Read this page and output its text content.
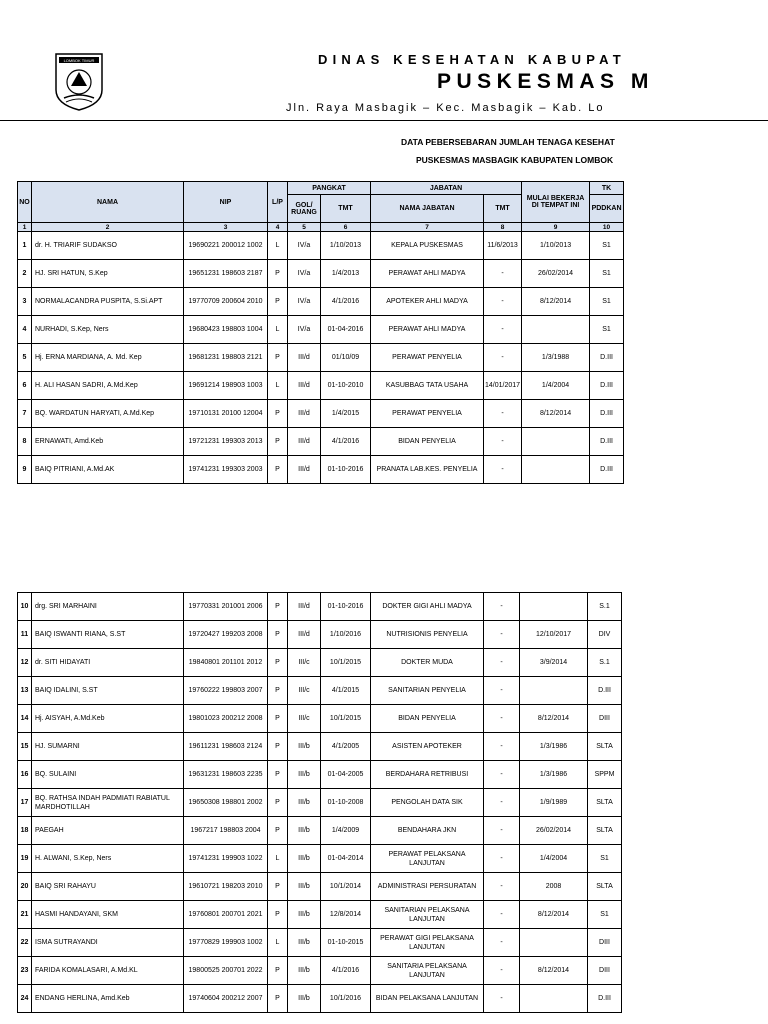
LOMBOK TIMUR	DINAS KESEHATAN KABUPAT
PUSKESMAS M
Jln. Raya Masbagik – Kec. Masbagik – Kab. Lo
DATA PEBERSEBARAN JUMLAH TENAGA KESEHAT
PUSKESMAS MASBAGIK KABUPATEN LOMBOK
NO	NAMA	NIP	L/P	PANGKAT		JABATAN		MULAI BEKERJA DI TEMPAT INI	TK
				GOL/ RUANG	TMT	NAMA JABATAN	TMT		PDDKAN
1	2	3	4	5	6	7	8	9	10
1	dr. H. TRIARIF SUDAKSO	19690221 200012 1002	L	IV/a	1/10/2013	KEPALA PUSKESMAS	11/6/2013	1/10/2013	S1
2	HJ. SRI HATUN, S.Kep	19651231 198603 2187	P	IV/a	1/4/2013	PERAWAT AHLI MADYA	-	26/02/2014	S1
3	NORMALACANDRA PUSPITA, S.Si.APT	19770709 200604 2010	P	IV/a	4/1/2016	APOTEKER AHLI MADYA	-	8/12/2014	S1
4	NURHADI, S.Kep, Ners	19680423 198803 1004	L	IV/a	01-04-2016	PERAWAT AHLI MADYA	-		S1
5	Hj. ERNA MARDIANA, A. Md. Kep	19681231 198803 2121	P	III/d	01/10/09	PERAWAT PENYELIA	-	1/3/1988	D.III
6	H. ALI HASAN SADRI, A.Md.Kep	19691214 198903 1003	L	III/d	01-10-2010	KASUBBAG TATA USAHA	14/01/2017	1/4/2004	D.III
7	BQ. WARDATUN HARYATI, A.Md.Kep	19710131 20100 12004	P	III/d	1/4/2015	PERAWAT PENYELIA	-	8/12/2014	D.III
8	ERNAWATI, Amd.Keb	19721231 199303 2013	P	III/d	4/1/2016	BIDAN PENYELIA	-		D.III
9	BAIQ PITRIANI, A.Md.AK	19741231 199303 2003	P	III/d	01-10-2016	PRANATA LAB.KES. PENYELIA	-		D.III
10	drg. SRI MARHAINI	19770331 201001 2006	P	III/d	01-10-2016	DOKTER GIGI AHLI MADYA	-		S.1
11	BAIQ ISWANTI RIANA, S.ST	19720427 199203 2008	P	III/d	1/10/2016	NUTRISIONIS PENYELIA	-	12/10/2017	DIV
12	dr. SITI HIDAYATI	19840801 201101 2012	P	III/c	10/1/2015	DOKTER MUDA	-	3/9/2014	S.1
13	BAIQ IDALINI, S.ST	19760222 199803 2007	P	III/c	4/1/2015	SANITARIAN PENYELIA	-		D.III
14	Hj. AISYAH, A.Md.Keb	19801023 200212 2008	P	III/c	10/1/2015	BIDAN PENYELIA	-	8/12/2014	DIII
15	HJ. SUMARNI	19611231 198603 2124	P	III/b	4/1/2005	ASISTEN APOTEKER	-	1/3/1986	SLTA
16	BQ. SULAINI	19631231 198603 2235	P	III/b	01-04-2005	BERDAHARA RETRIBUSI	-	1/3/1986	SPPM
17	BQ. RATHSA INDAH PADMIATI RABIATUL MARDHOTILLAH	19650308 198801 2002	P	III/b	01-10-2008	PENGOLAH DATA SIK	-	1/9/1989	SLTA
18	PAEGAH	1967217 198803 2004	P	III/b	1/4/2009	BENDAHARA JKN	-	26/02/2014	SLTA
19	H. ALWANI, S.Kep, Ners	19741231 199903 1022	L	III/b	01-04-2014	PERAWAT PELAKSANA LANJUTAN	-	1/4/2004	S1
20	BAIQ SRI RAHAYU	19610721 198203 2010	P	III/b	10/1/2014	ADMINISTRASI PERSURATAN	-	2008	SLTA
21	HASMI HANDAYANI, SKM	19760801 200701 2021	P	III/b	12/8/2014	SANITARIAN PELAKSANA LANJUTAN	-	8/12/2014	S1
22	ISMA SUTRAYANDI	19770829 199903 1002	L	III/b	01-10-2015	PERAWAT GIGI PELAKSANA LANJUTAN	-		DIII
23	FARIDA KOMALASARI, A.Md.KL	19800525 200701 2022	P	III/b	4/1/2016	SANITARIA PELAKSANA LANJUTAN	-	8/12/2014	DIII
24	ENDANG HERLINA, Amd.Keb	19740604 200212 2007	P	III/b	10/1/2016	BIDAN PELAKSANA LANJUTAN	-		D.III
